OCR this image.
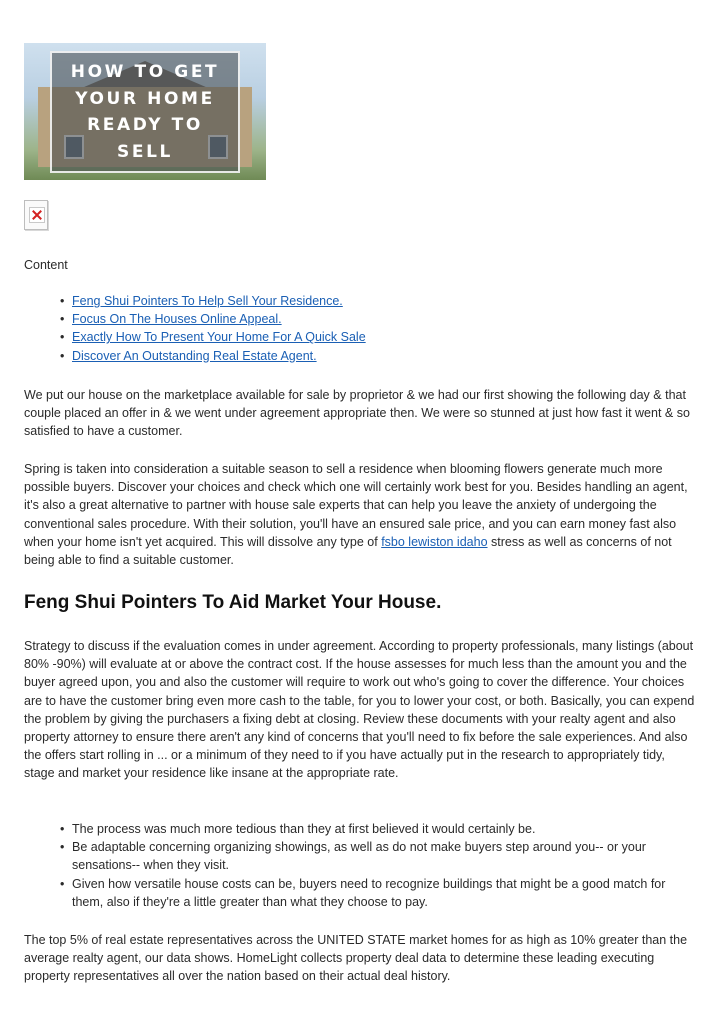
HOW TO GET
YOUR HOME
READY TO
SELL

Content

• Feng Shui Pointers To Help Sell Your Residence.
• Focus On The Houses Online Appeal.
• Exactly How To Present Your Home For A Quick Sale
• Discover An Outstanding Real Estate Agent.

We put our house on the marketplace available for sale by proprietor & we had our first showing the following day & that couple placed an offer in & we went under agreement appropriate then. We were so stunned at just how fast it went & so satisfied to have a customer.

Spring is taken into consideration a suitable season to sell a residence when blooming flowers generate much more possible buyers. Discover your choices and check which one will certainly work best for you. Besides handling an agent, it's also a great alternative to partner with house sale experts that can help you leave the anxiety of undergoing the conventional sales procedure. With their solution, you'll have an ensured sale price, and you can earn money fast also when your home isn't yet acquired. This will dissolve any type of fsbo lewiston idaho stress as well as concerns of not being able to find a suitable customer.

Feng Shui Pointers To Aid Market Your House.

Strategy to discuss if the evaluation comes in under agreement. According to property professionals, many listings (about 80% -90%) will evaluate at or above the contract cost. If the house assesses for much less than the amount you and the buyer agreed upon, you and also the customer will require to work out who's going to cover the difference. Your choices are to have the customer bring even more cash to the table, for you to lower your cost, or both. Basically, you can expend the problem by giving the purchasers a fixing debt at closing. Review these documents with your realty agent and also property attorney to ensure there aren't any kind of concerns that you'll need to fix before the sale experiences. And also the offers start rolling in ... or a minimum of they need to if you have actually put in the research to appropriately tidy, stage and market your residence like insane at the appropriate rate.

• The process was much more tedious than they at first believed it would certainly be.
• Be adaptable concerning organizing showings, as well as do not make buyers step around you-- or your sensations-- when they visit.
• Given how versatile house costs can be, buyers need to recognize buildings that might be a good match for them, also if they're a little greater than what they choose to pay.

The top 5% of real estate representatives across the UNITED STATE market homes for as high as 10% greater than the average realty agent, our data shows. HomeLight collects property deal data to determine these leading executing property representatives all over the nation based on their actual deal history.
